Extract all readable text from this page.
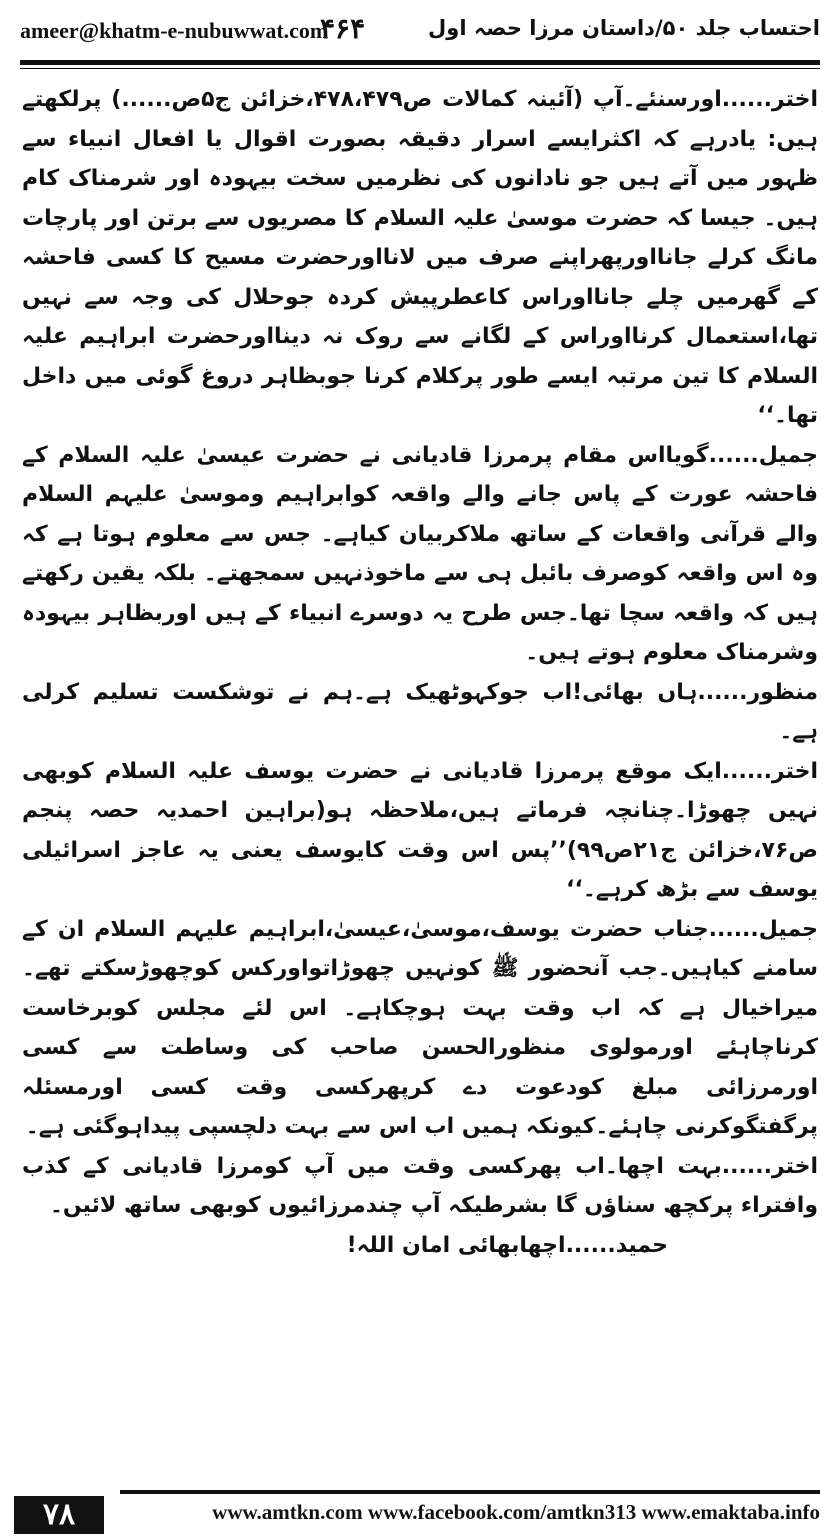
ameer@khatm-e-nubuwwat.com
۴۶۴	احتساب جلد ۵۰/داستان مرزا حصہ اول

اختر......اورسنئے۔آپ (آئینہ کمالات ص۴۷۸،۴۷۹،خزائن ج۵ص......) پرلکھتے ہیں: یادرہے کہ اکثرایسے اسرار دقیقہ بصورت اقوال یا افعال انبیاء سے ظہور میں آتے ہیں جو نادانوں کی نظرمیں سخت بیہودہ اور شرمناک کام ہیں۔ جیسا کہ حضرت موسیٰ علیہ السلام کا مصریوں سے برتن اور پارچات مانگ کرلے جانااورپھراپنے صرف میں لانااورحضرت مسیح کا کسی فاحشہ کے گھرمیں چلے جانااوراس کاعطرپیش کردہ جوحلال کی وجہ سے نہیں تھا،استعمال کرنااوراس کے لگانے سے روک نہ دینااورحضرت ابراہیم علیہ السلام کا تین مرتبہ ایسے طور پرکلام کرنا جوبظاہر دروغ گوئی میں داخل تھا۔‘‘

جمیل......گویااس مقام پرمرزا قادیانی نے حضرت عیسیٰ علیہ السلام کے فاحشہ عورت کے پاس جانے والے واقعہ کوابراہیم وموسیٰ علیہم السلام والے قرآنی واقعات کے ساتھ ملاکربیان کیاہے۔ جس سے معلوم ہوتا ہے کہ وہ اس واقعہ کوصرف بائبل ہی سے ماخوذنہیں سمجھتے۔ بلکہ یقین رکھتے ہیں کہ واقعہ سچا تھا۔جس طرح یہ دوسرے انبیاء کے ہیں اوربظاہر بیہودہ وشرمناک معلوم ہوتے ہیں۔

منظور......ہاں بھائی!اب جوکہوٹھیک ہے۔ہم نے توشکست تسلیم کرلی ہے۔

اختر......ایک موقع پرمرزا قادیانی نے حضرت یوسف علیہ السلام کوبھی نہیں چھوڑا۔چنانچہ فرماتے ہیں،ملاحظہ ہو(براہین احمدیہ حصہ پنجم ص۷۶،خزائن ج۲۱ص۹۹)’’پس اس وقت کایوسف یعنی یہ عاجز اسرائیلی یوسف سے بڑھ کرہے۔‘‘

جمیل......جناب حضرت یوسف،موسیٰ،عیسیٰ،ابراہیم علیہم السلام ان کے سامنے کیاہیں۔جب آنحضور ﷺ کونہیں چھوڑاتواورکس کوچھوڑسکتے تھے۔میراخیال ہے کہ اب وقت بہت ہوچکاہے۔ اس لئے مجلس کوبرخاست کرناچاہئے اورمولوی منظورالحسن صاحب کی وساطت سے کسی اورمرزائی مبلغ کودعوت دے کرپھرکسی وقت کسی اورمسئلہ پرگفتگوکرنی چاہئے۔کیونکہ ہمیں اب اس سے بہت دلچسپی پیداہوگئی ہے۔

اختر......بہت اچھا۔اب پھرکسی وقت میں آپ کومرزا قادیانی کے کذب وافتراء پرکچھ سناؤں گا بشرطیکہ آپ چندمرزائیوں کوبھی ساتھ لائیں۔

حمید......اچھابھائی امان اللہ!

۷۸	www.amtkn.com www.facebook.com/amtkn313 www.emaktaba.info
